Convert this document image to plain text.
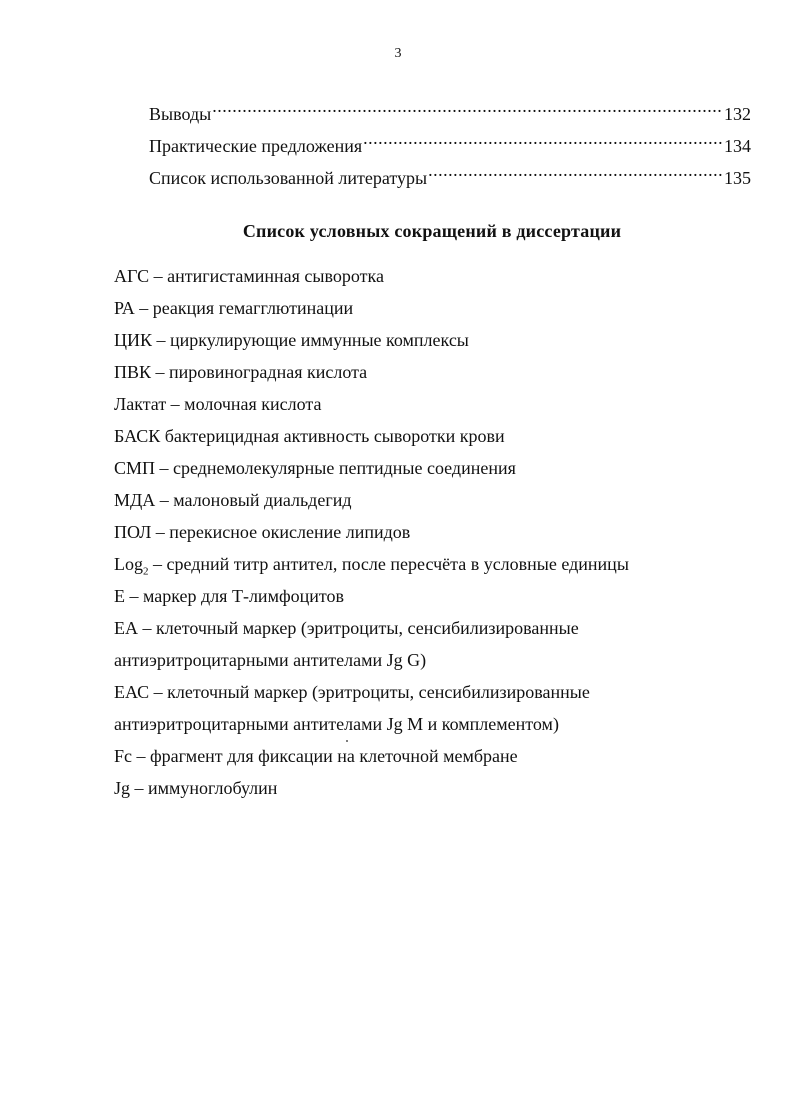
3
Выводы .....	132
Практические предложения .....	134
Список использованной литературы .....	135
Список условных сокращений в диссертации
АГС – антигистаминная сыворотка
РА – реакция гемагглютинации
ЦИК – циркулирующие иммунные комплексы
ПВК – пировиноградная кислота
Лактат – молочная кислота
БАСК бактерицидная активность сыворотки крови
СМП – среднемолекулярные пептидные соединения
МДА – малоновый диальдегид
ПОЛ – перекисное окисление липидов
Log$_2$ – средний титр антител, после пересчёта в условные единицы
Е – маркер для Т-лимфоцитов
ЕА – клеточный маркер (эритроциты, сенсибилизированные
антиэритроцитарными антителами Jg G)
ЕАС – клеточный маркер (эритроциты, сенсибилизированные
антиэритроцитарными антителами Jg М и комплементом)
Fc – фрагмент для фиксации на клеточной мембране
Jg – иммуноглобулин
